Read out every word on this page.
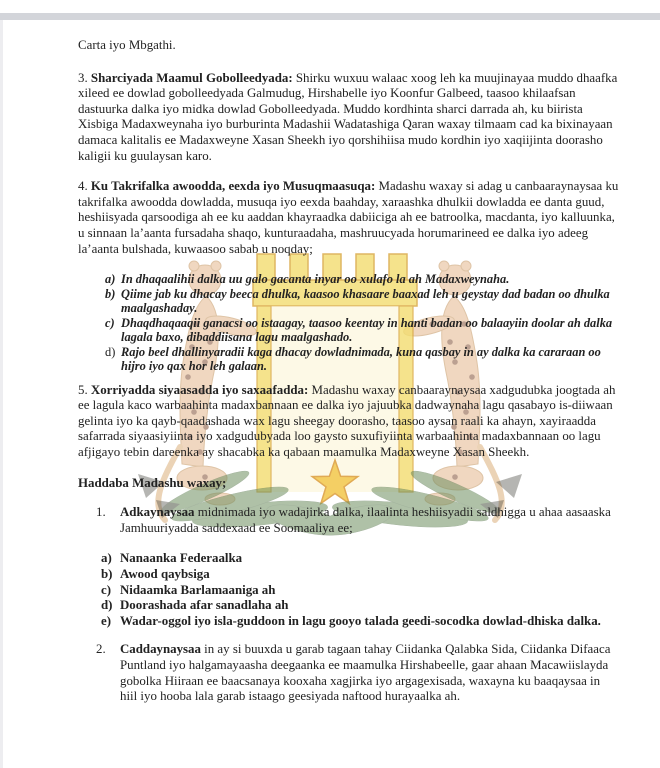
Carta iyo Mbgathi.

3. Sharciyada Maamul Gobolleedyada: Shirku wuxuu walaac xoog leh ka muujinayaa muddo dhaafka xileed ee dowlad gobolleedyada Galmudug, Hirshabelle iyo Koonfur Galbeed, taasoo khilaafsan dastuurka dalka iyo midka dowlad Gobolleedyada. Muddo kordhinta sharci darrada ah, ku biirista Xisbiga Madaxweynaha iyo burburinta Madashii Wadatashiga Qaran waxay tilmaam cad ka bixinayaan damaca kalitalis ee Madaxweyne Xasan Sheekh iyo qorshihiisa mudo kordhin iyo xaqiijinta doorasho kaligii ku guulaysan karo.

4. Ku Takrifalka awoodda, eexda iyo Musuqmaasuqa: Madashu waxay si adag u canbaaraynaysaa ku takrifalka awoodda dowladda, musuqa iyo eexda baahday, xaraashka dhulkii dowladda ee danta guud, heshiisyada qarsoodiga ah ee ku aaddan khayraadka dabiiciga ah ee batroolka, macdanta, iyo kalluunka, u sinnaan la’aanta fursadaha shaqo, kunturaadaha, mashruucyada horumarineed ee dalka iyo adeeg la’aanta bulshada, kuwaasoo sabab u noqday;

a) In dhaqaalihii dalka uu galo gacanta inyar oo xulafo la ah Madaxweynaha.
b) Qiime jab ku dhacay beeca dhulka, kaasoo khasaare baaxad leh u geystay dad badan oo dhulka maalgashaday.
c) Dhaqdhaqaaqii ganacsi oo istaagay, taasoo keentay in hanti badan oo balaayiin doolar ah dalka lagala baxo, dibaddiisana lagu maalgashado.
d) Rajo beel dhallinyaradii kaga dhacay dowladnimada, kuna qasbay in ay dalka ka cararaan oo hijro iyo qax hor leh galaan.

5. Xorriyadda siyaasadda iyo saxaafadda: Madashu waxay canbaaraynaysaa xadgudubka joogtada ah ee lagula kaco warbaahinta madaxbannaan ee dalka iyo jajuubka dadwaynaha lagu qasabayo is-diiwaan gelinta iyo ka qayb-qaadashada wax lagu sheegay doorasho, taasoo aysan raali ka ahayn, xayiraadda safarrada siyaasiyiinta iyo xadgudubyada loo gaysto suxufiyiinta warbaahinta madaxbannaan oo lagu afjigayo tebin dareenka ay shacabka ka qabaan maamulka Madaxweyne Xasan Sheekh.

Haddaba Madashu waxay;

1.	Adkaynaysaa midnimada iyo wadajirka dalka, ilaalinta heshiisyadii saldhigga u ahaa aasaaska Jamhuuriyadda saddexaad ee Soomaaliya ee;
a) Nanaanka Federaalka
b) Awood qaybsiga
c) Nidaamka Barlamaaniga ah
d) Doorashada afar sanadlaha ah
e) Wadar-oggol iyo isla-guddoon in lagu gooyo talada geedi-socodka dowlad-dhiska dalka.
2.	Caddaynaysaa in ay si buuxda u garab tagaan tahay Ciidanka Qalabka Sida, Ciidanka Difaaca Puntland iyo halgamayaasha deegaanka ee maamulka Hirshabeelle, gaar ahaan Macawiislayda gobolka Hiiraan ee baacsanaya kooxaha xagjirka iyo argagexisada, waxayna ku baaqaysaa in hiil iyo hooba lala garab istaago geesiyada naftood hurayaalka ah.
